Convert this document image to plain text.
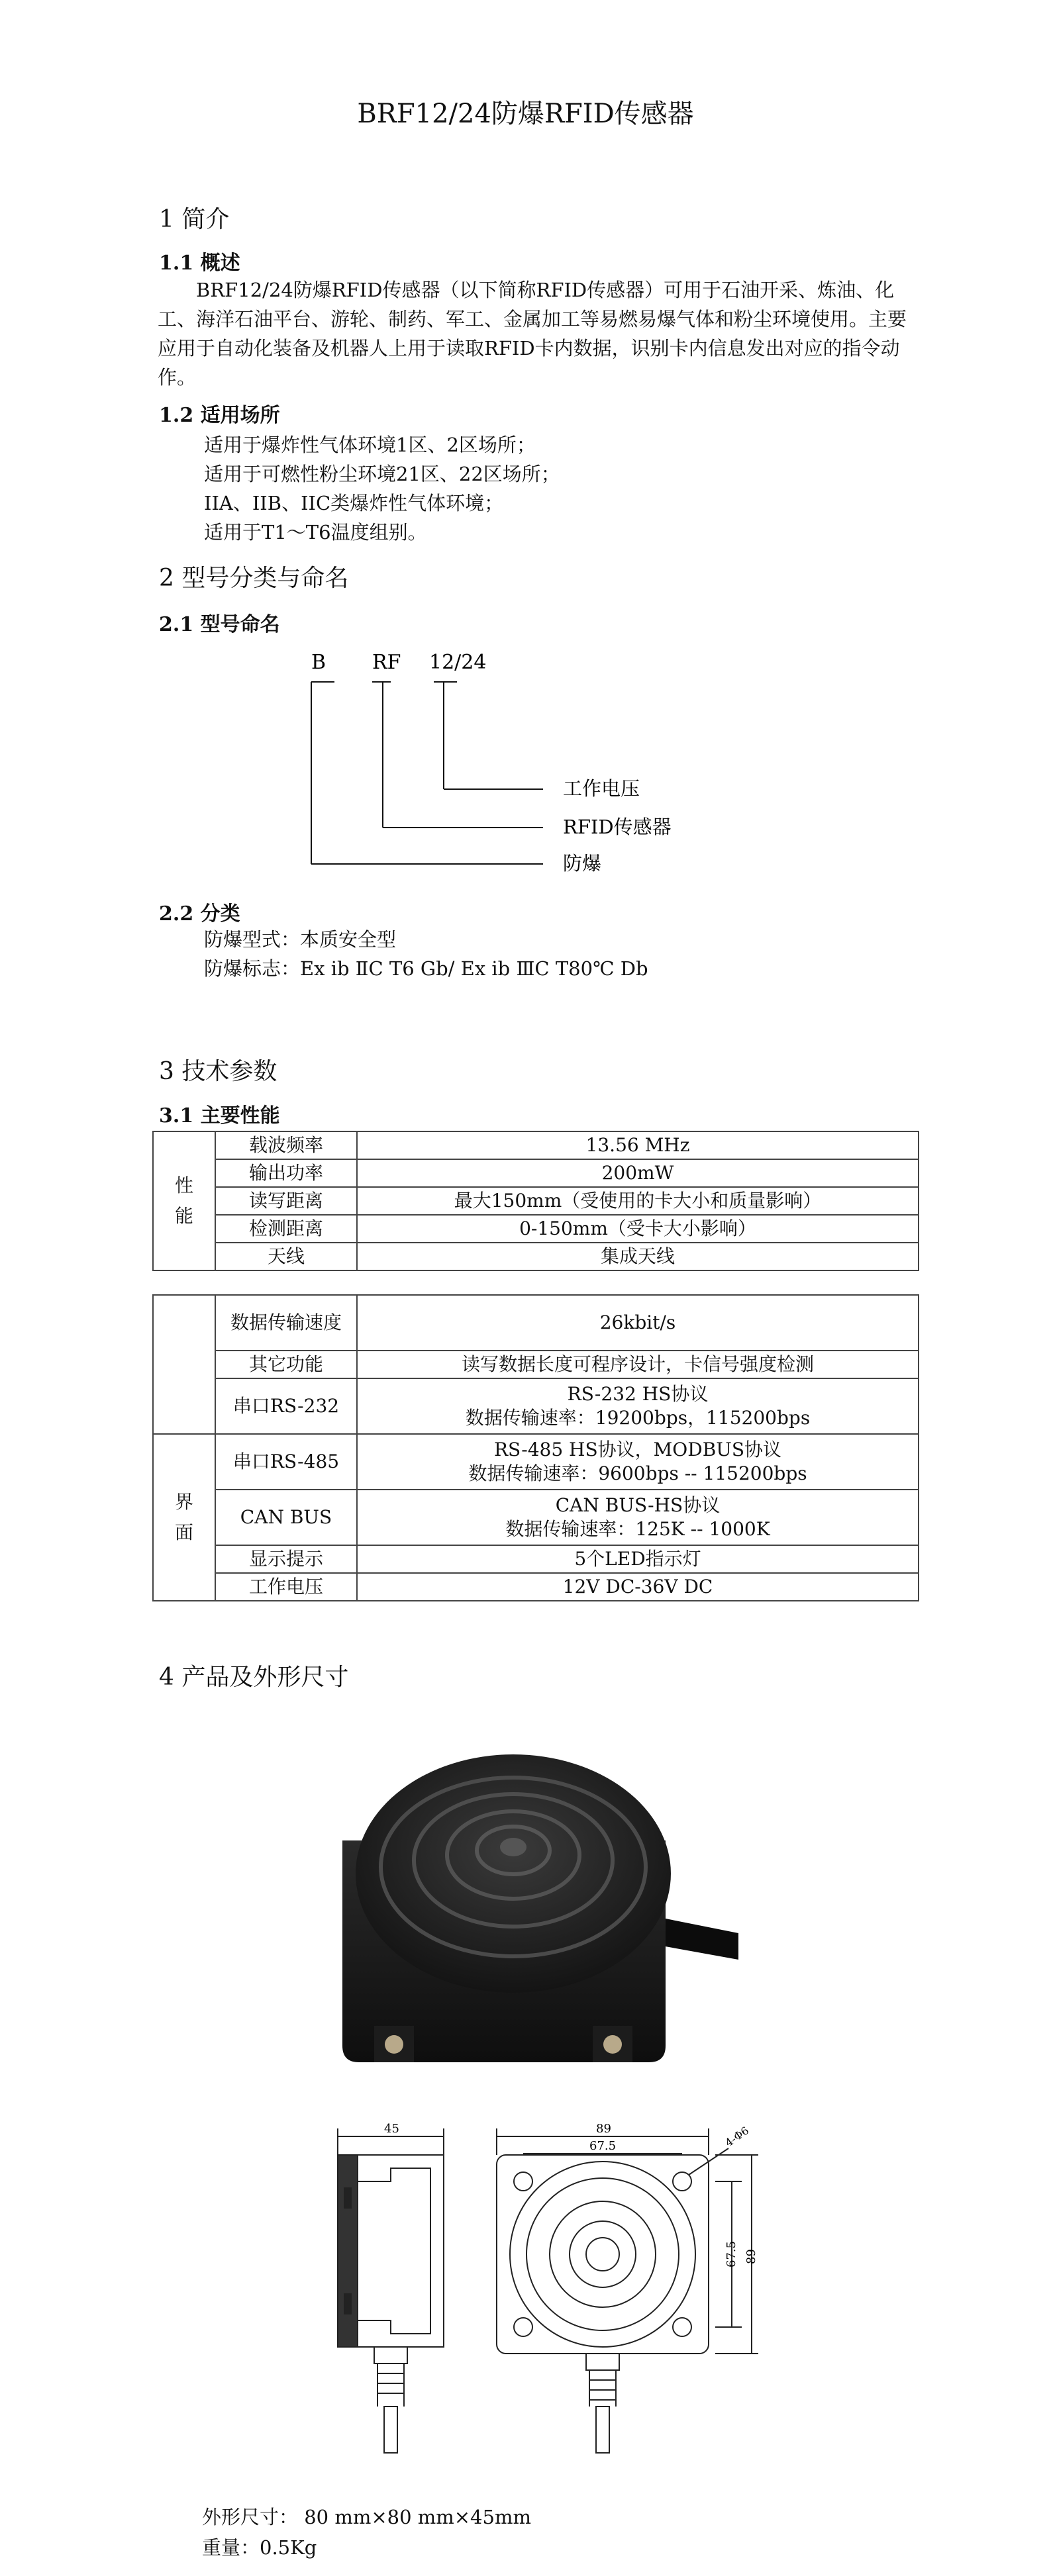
BRF12/24防爆RFID传感器
1 简介
1.1 概述
BRF12/24防爆RFID传感器（以下简称RFID传感器）可用于石油开采、炼油、化工、海洋石油平台、游轮、制药、军工、金属加工等易燃易爆气体和粉尘环境使用。主要应用于自动化装备及机器人上用于读取RFID卡内数据，识别卡内信息发出对应的指令动作。
1.2 适用场所
适用于爆炸性气体环境1区、2区场所；
适用于可燃性粉尘环境21区、22区场所；
IIA、IIB、IIC类爆炸性气体环境；
适用于T1～T6温度组别。
2 型号分类与命名
2.1 型号命名
B RF 12/24
工作电压
RFID传感器
防爆
2.2 分类
防爆型式：本质安全型
防爆标志：Ex ib ⅡC T6 Gb/ Ex ib ⅢC T80℃ Db
3 技术参数
3.1 主要性能
性能	载波频率	13.56 MHz
	输出功率	200mW
	读写距离	最大150mm（受使用的卡大小和质量影响）
	检测距离	0-150mm（受卡大小影响）
	天线	集成天线
	数据传输速度	26kbit/s
	其它功能	读写数据长度可程序设计，卡信号强度检测
	串口RS-232	RS-232 HS协议
数据传输速率：19200bps，115200bps

界面	串口RS-485	RS-485 HS协议，MODBUS协议
数据传输速率：9600bps -- 115200bps

	CAN BUS	CAN BUS-HS协议
数据传输速率：125K -- 1000K

	显示提示	5个LED指示灯
	工作电压	12V DC-36V DC
4 产品及外形尺寸
45	89
67.5	4-Φ6
67.5 89
外形尺寸： 80 mm×80 mm×45mm
重量：0.5Kg
